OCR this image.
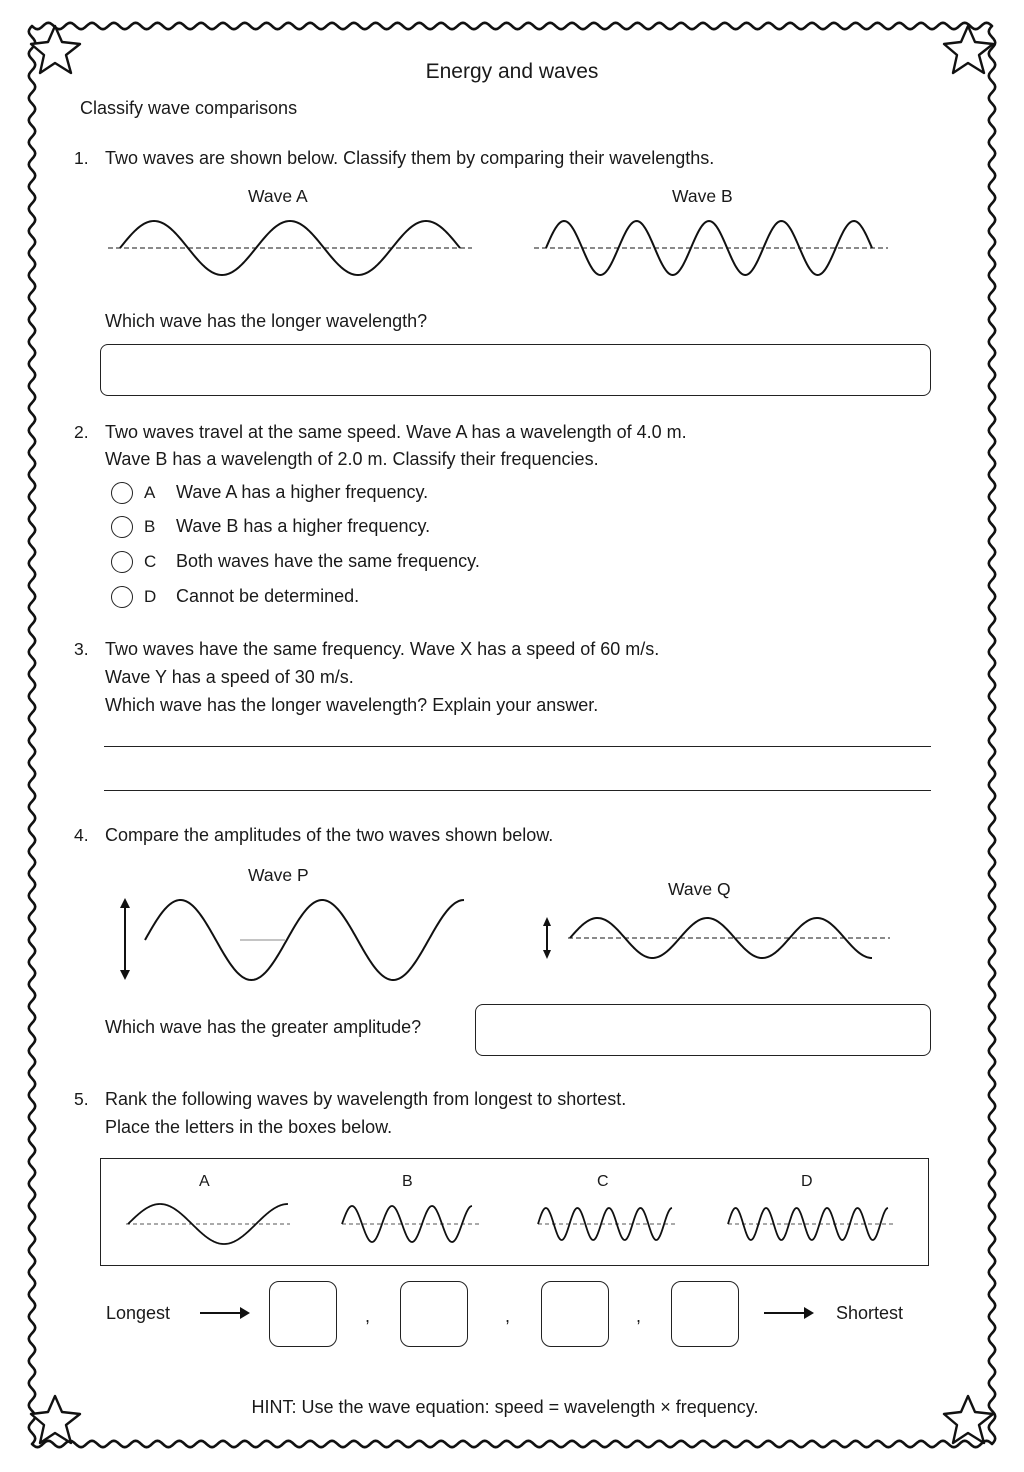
Energy and waves
Classify wave comparisons
1. Two waves are shown below. Classify them by comparing their wavelengths.
Wave A	Wave B
Which wave has the longer wavelength?
2. Two waves travel at the same speed. Wave A has a wavelength of 4.0 m.
Wave B has a wavelength of 2.0 m. Classify their frequencies.
A Wave A has a higher frequency.
B Wave B has a higher frequency.
C Both waves have the same frequency.
D Cannot be determined.
3. Two waves have the same frequency. Wave X has a speed of 60 m/s.
Wave Y has a speed of 30 m/s.
Which wave has the longer wavelength? Explain your answer.
4. Compare the amplitudes of the two waves shown below.
Wave P
Wave Q
Which wave has the greater amplitude?
5. Rank the following waves by wavelength from longest to shortest.
Place the letters in the boxes below.
A	B	C	D
Longest	,	,	,	Shortest
HINT: Use the wave equation: speed = wavelength × frequency.
